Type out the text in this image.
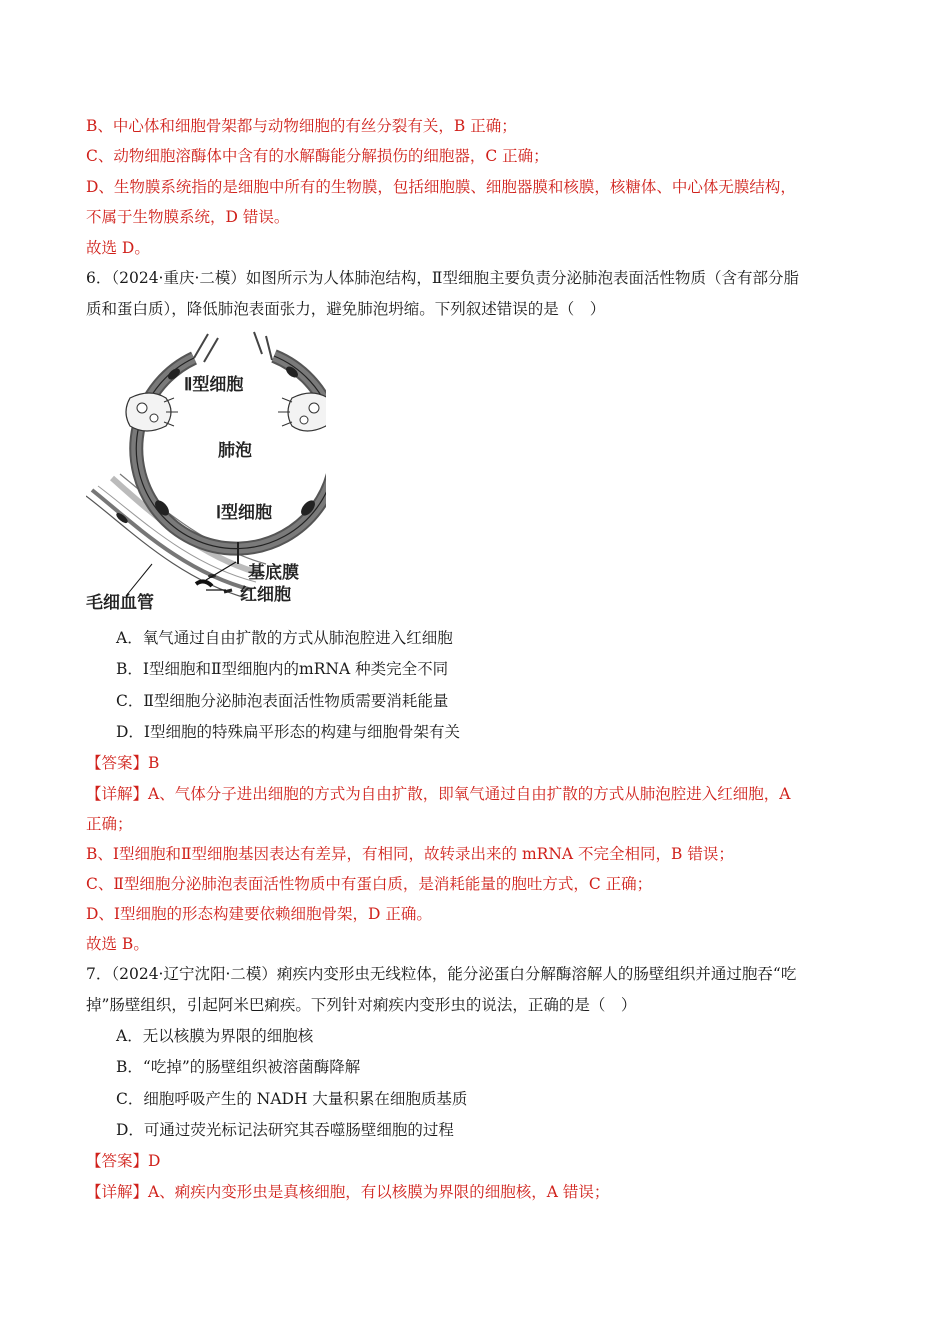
B、中心体和细胞骨架都与动物细胞的有丝分裂有关，B 正确；
C、动物细胞溶酶体中含有的水解酶能分解损伤的细胞器，C 正确；
D、生物膜系统指的是细胞中所有的生物膜，包括细胞膜、细胞器膜和核膜，核糖体、中心体无膜结构，
不属于生物膜系统，D 错误。
故选 D。
6．（2024·重庆·二模）如图所示为人体肺泡结构，Ⅱ型细胞主要负责分泌肺泡表面活性物质（含有部分脂
质和蛋白质），降低肺泡表面张力，避免肺泡坍缩。下列叙述错误的是（　）
Ⅱ型细胞
肺泡
Ⅰ型细胞
基底膜
红细胞
毛细血管
A．氧气通过自由扩散的方式从肺泡腔进入红细胞
B．Ⅰ型细胞和Ⅱ型细胞内的mRNA 种类完全不同
C．Ⅱ型细胞分泌肺泡表面活性物质需要消耗能量
D．Ⅰ型细胞的特殊扁平形态的构建与细胞骨架有关
【答案】B
【详解】A、气体分子进出细胞的方式为自由扩散，即氧气通过自由扩散的方式从肺泡腔进入红细胞，A
正确；
B、Ⅰ型细胞和Ⅱ型细胞基因表达有差异，有相同，故转录出来的 mRNA 不完全相同，B 错误；
C、Ⅱ型细胞分泌肺泡表面活性物质中有蛋白质，是消耗能量的胞吐方式，C 正确；
D、Ⅰ型细胞的形态构建要依赖细胞骨架，D 正确。
故选 B。
7．（2024·辽宁沈阳·二模）痢疾内变形虫无线粒体，能分泌蛋白分解酶溶解人的肠壁组织并通过胞吞“吃
掉”肠壁组织，引起阿米巴痢疾。下列针对痢疾内变形虫的说法，正确的是（　）
A．无以核膜为界限的细胞核
B．“吃掉”的肠壁组织被溶菌酶降解
C．细胞呼吸产生的 NADH 大量积累在细胞质基质
D．可通过荧光标记法研究其吞噬肠壁细胞的过程
【答案】D
【详解】A、痢疾内变形虫是真核细胞，有以核膜为界限的细胞核，A 错误；
